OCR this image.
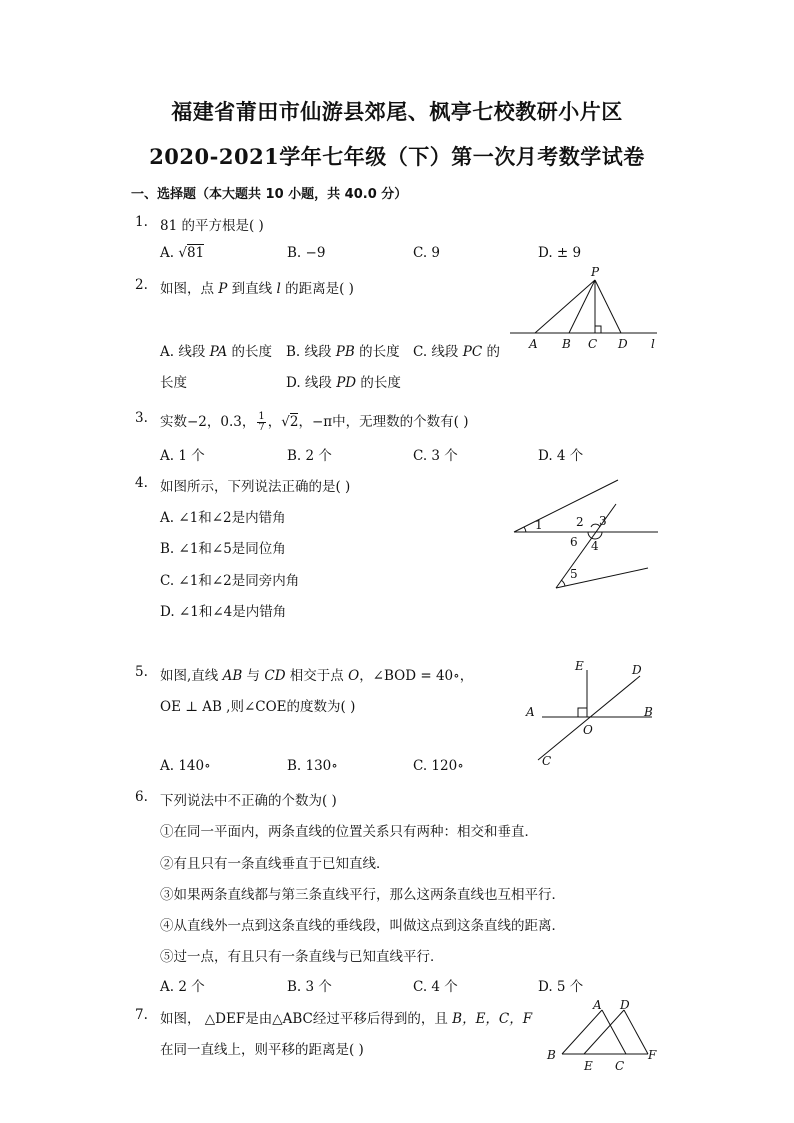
福建省莆田市仙游县郊尾、枫亭七校教研小片区
2020-2021学年七年级（下）第一次月考数学试卷
一、选择题（本大题共 10 小题，共 40.0 分）
1. 81 的平方根是( )
A. √81	B. −9	C. 9	D. ± 9
2. 如图，点 P 到直线 l 的距离是( )
A. 线段 PA 的长度 B. 线段 PB 的长度 C. 线段 PC 的
长度	D. 线段 PD 的长度
P
A B C D l
3. 实数−2，0.3， $\frac{1}{7}$ ，√2，−π中，无理数的个数有( )
A. 1 个	B. 2 个	C. 3 个	D. 4 个
4. 如图所示，下列说法正确的是( )
A. ∠1和∠2是内错角
B. ∠1和∠5是同位角
C. ∠1和∠2是同旁内角
D. ∠1和∠4是内错角
1	2 3
4
6
5
5. 如图,直线 AB 与 CD 相交于点 O，∠BOD = 40∘，
OE ⊥ AB ,则∠COE的度数为( )
A. 140∘	B. 130∘	C. 120∘
E	D
A	B
O
C
6. 下列说法中不正确的个数为( )
①在同一平面内，两条直线的位置关系只有两种：相交和垂直．
②有且只有一条直线垂直于已知直线．
③如果两条直线都与第三条直线平行，那么这两条直线也互相平行．
④从直线外一点到这条直线的垂线段，叫做这点到这条直线的距离．
⑤过一点，有且只有一条直线与已知直线平行．
A. 2 个	B. 3 个	C. 4 个	D. 5 个
7. 如图， △DEF是由△ABC经过平移后得到的，且 B，E，C，F
在同一直线上，则平移的距离是( )
A D
B
E C
F
